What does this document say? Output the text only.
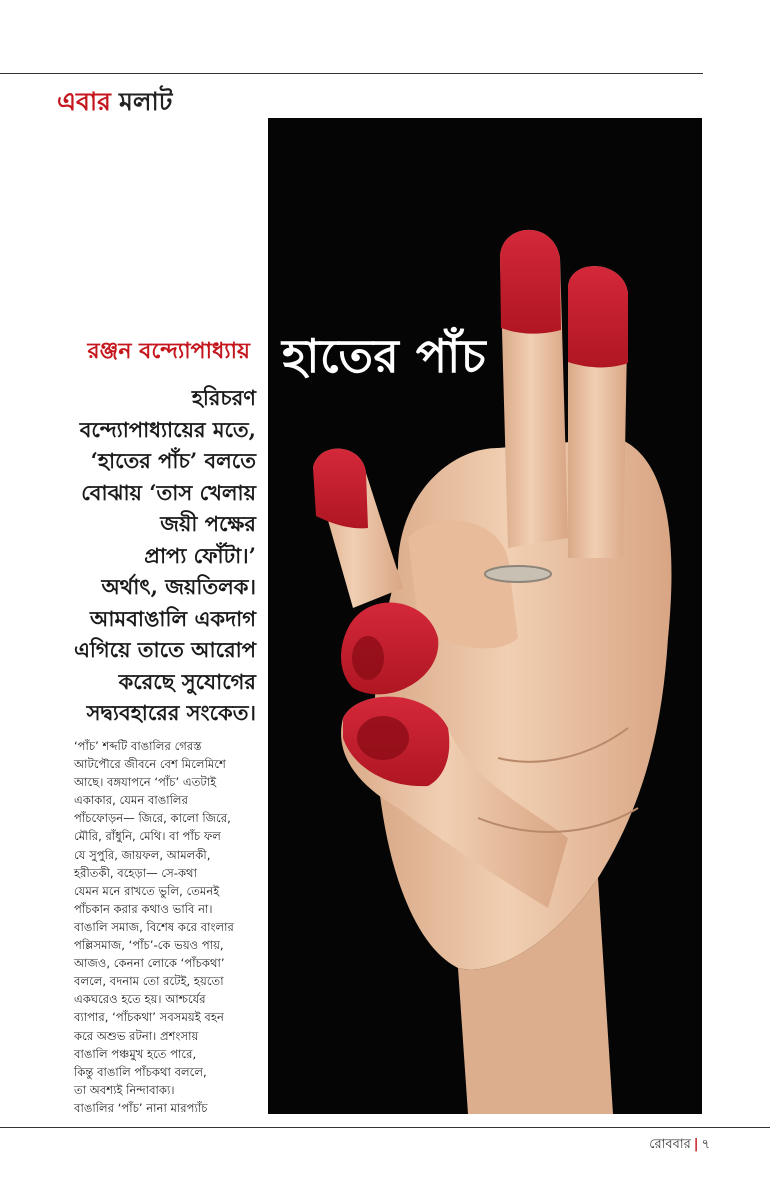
এবার মলাট
রঞ্জন বন্দ্যোপাধ্যায়
হরিচরণ
বন্দ্যোপাধ্যায়ের মতে,
‘হাতের পাঁচ’ বলতে
বোঝায় ‘তাস খেলায়
জয়ী পক্ষের
প্রাপ্য ফোঁটা।’
অর্থাৎ, জয়তিলক।
আমবাঙালি একদাগ
এগিয়ে তাতে আরোপ
করেছে সুযোগের
সদ্ব্যবহারের সংকেত।
‘পাঁচ’ শব্দটি বাঙালির গেরস্ত
আটপৌরে জীবনে বেশ মিলেমিশে
আছে। বঙ্গযাপনে ‘পাঁচ’ এতটাই
একাকার, যেমন বাঙালির
পাঁচফোড়ন— জিরে, কালো জিরে,
মৌরি, রাঁধুনি, মেথি। বা পাঁচ ফল
যে সুপুরি, জায়ফল, আমলকী,
হরীতকী, বহেড়া— সে-কথা
যেমন মনে রাখতে ভুলি, তেমনই
পাঁচকান করার কথাও ভাবি না।
বাঙালি সমাজ, বিশেষ করে বাংলার
পল্লিসমাজ, ‘পাঁচ’-কে ভয়ও পায়,
আজও, কেননা লোকে ‘পাঁচকথা’
বললে, বদনাম তো রটেই, হয়তো
একঘরেও হতে হয়। আশ্চর্যের
ব্যাপার, ‘পাঁচকথা’ সবসময়ই বহন
করে অশুভ রটনা। প্রশংসায়
বাঙালি পঞ্চমুখ হতে পারে,
কিন্তু বাঙালি পাঁচকথা বললে,
তা অবশ্যই নিন্দাবাক্য।
বাঙালির ‘পাঁচ’ নানা মারপ্যাঁচ
হাতের পাঁচ
রোববার | ৭
